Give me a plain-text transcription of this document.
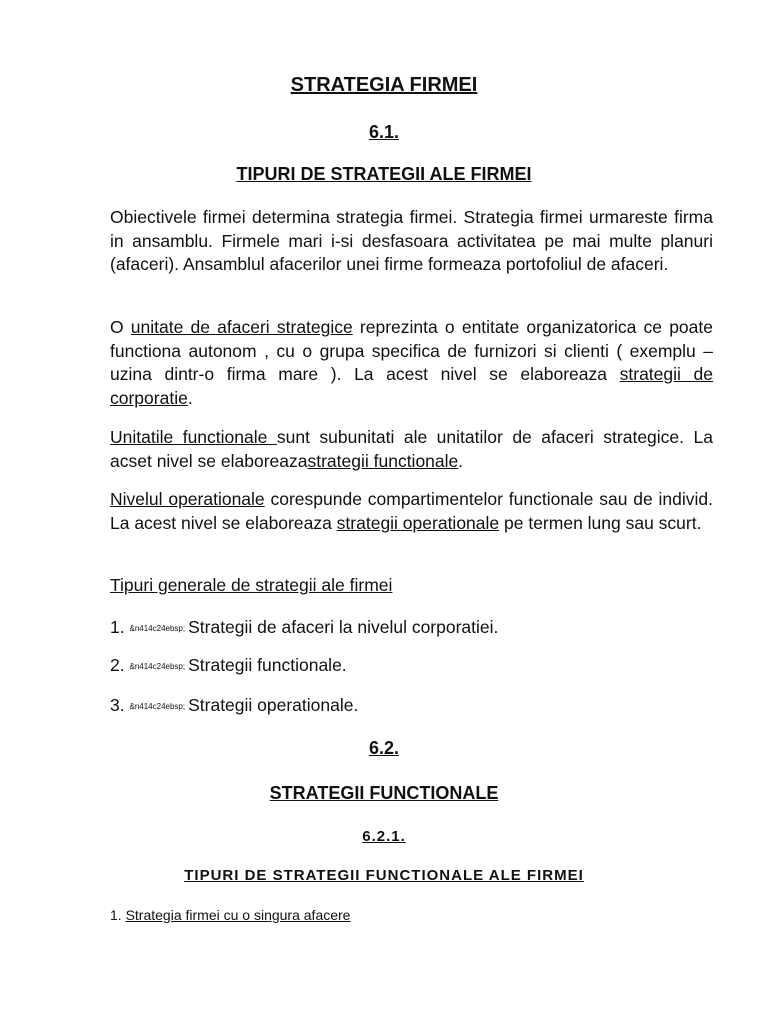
STRATEGIA FIRMEI
6.1.
TIPURI DE STRATEGII ALE FIRMEI

Obiectivele firmei determina strategia firmei. Strategia firmei urmareste firma in ansamblu. Firmele mari i-si desfasoara activitatea pe mai multe planuri (afaceri). Ansamblul afacerilor unei firme formeaza portofoliul de afaceri.

O unitate de afaceri strategice reprezinta o entitate organizatorica ce poate functiona autonom , cu o grupa specifica de furnizori si clienti ( exemplu – uzina dintr-o firma mare ). La acest nivel se elaboreaza strategii de corporatie.

Unitatile functionale sunt subunitati ale unitatilor de afaceri strategice. La acset nivel se elaboreazastrategii functionale.

Nivelul operationale corespunde compartimentelor functionale sau de individ. La acest nivel se elaboreaza strategii operationale pe termen lung sau scurt.

Tipuri generale de strategii ale firmei

1. &n414c24ebsp; Strategii de afaceri la nivelul corporatiei.

2. &n414c24ebsp; Strategii functionale.

3. &n414c24ebsp; Strategii operationale.

6.2.
STRATEGII FUNCTIONALE
6.2.1.
TIPURI DE STRATEGII FUNCTIONALE ALE FIRMEI

1. Strategia firmei cu o singura afacere
